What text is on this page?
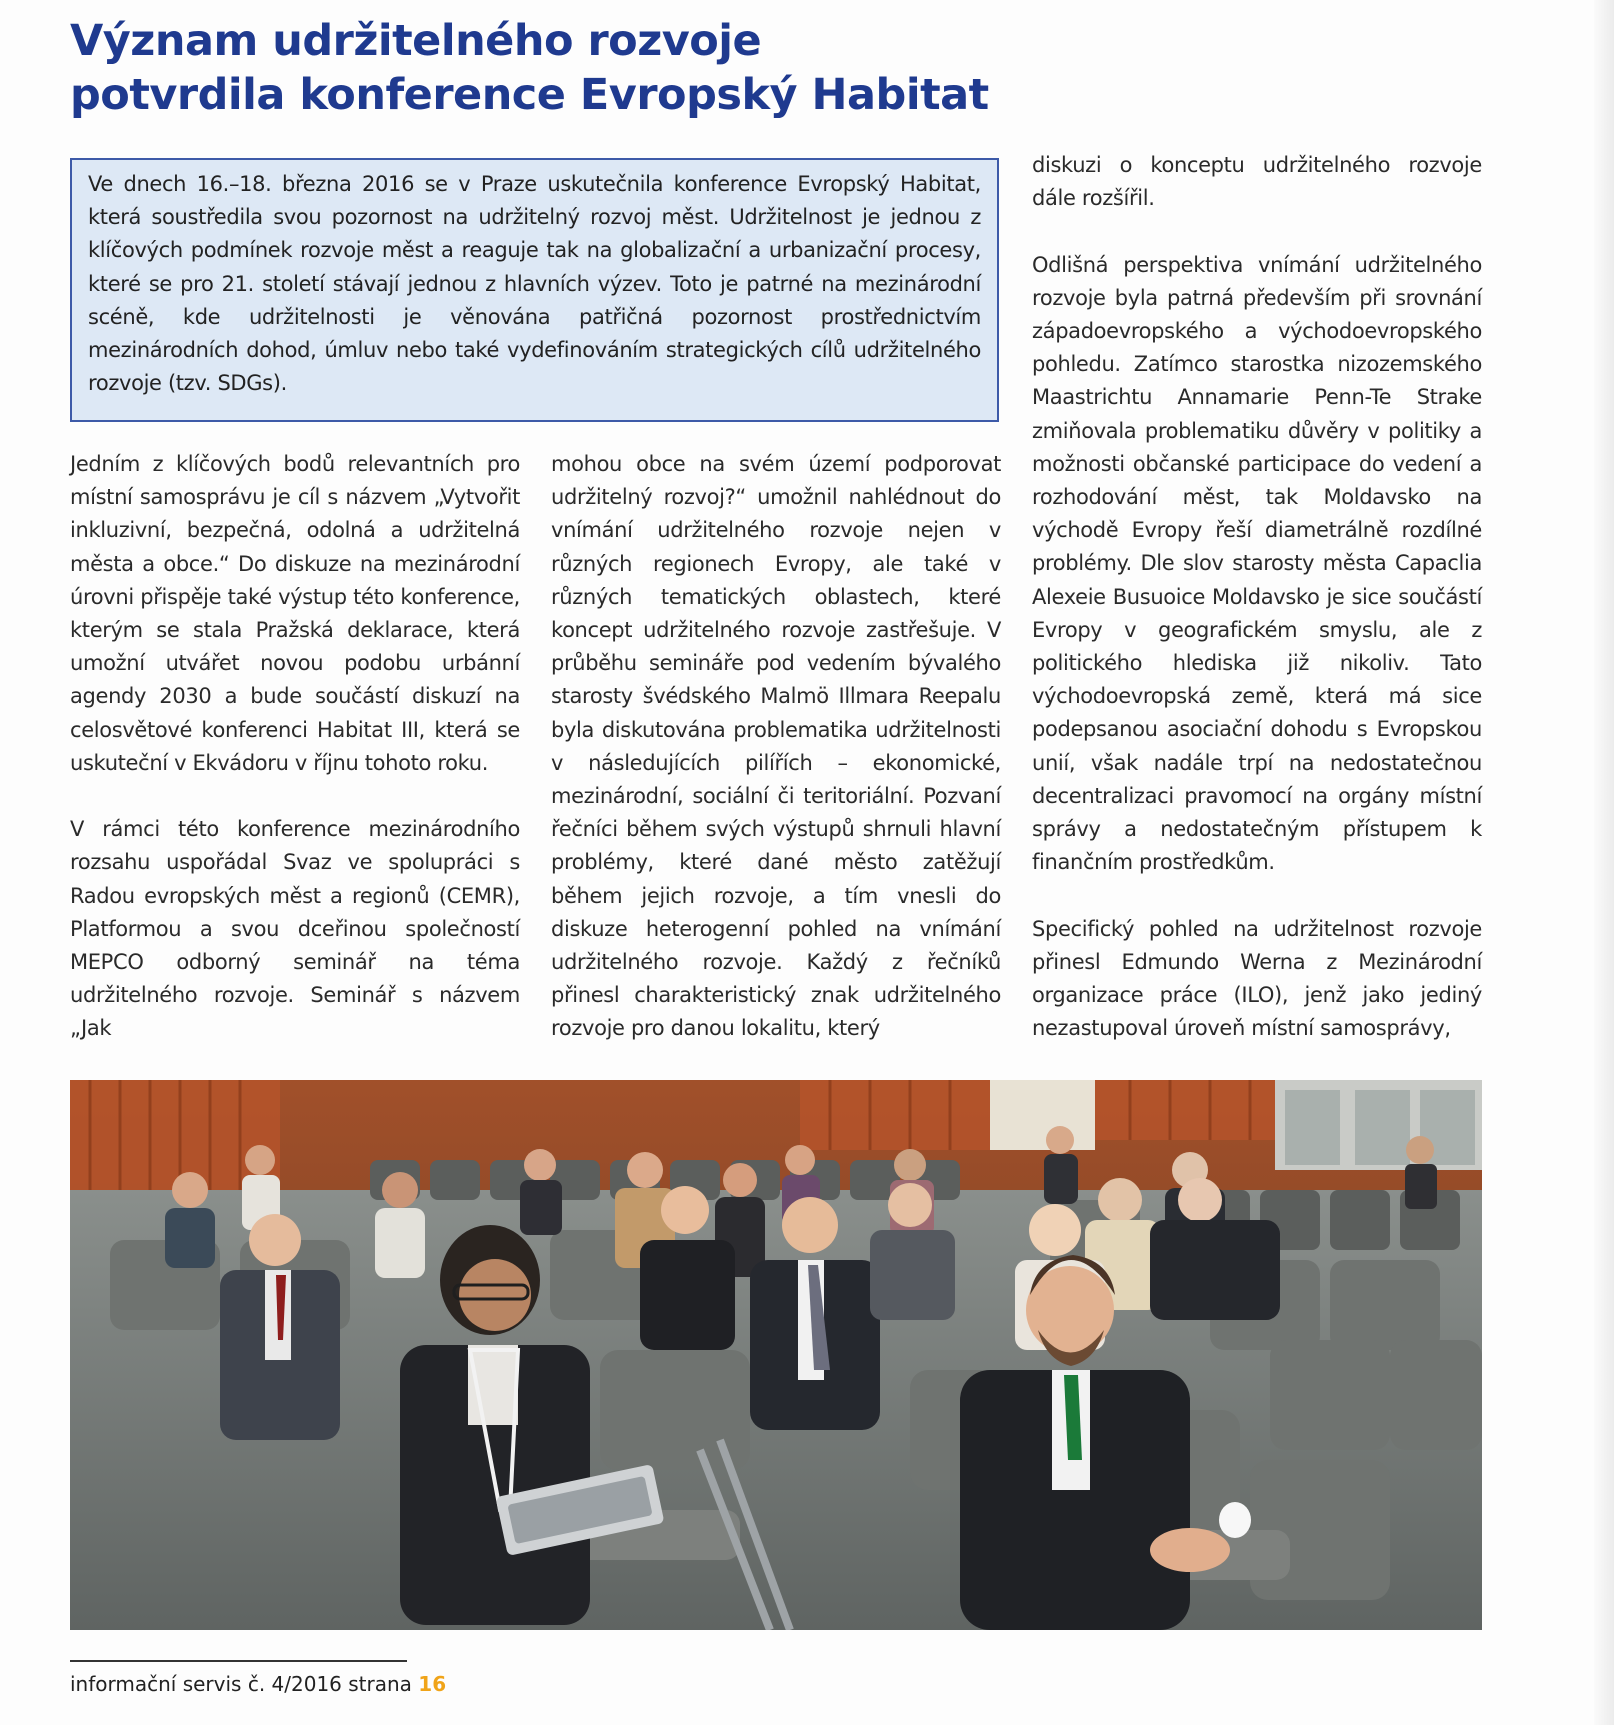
Význam udržitelného rozvoje
potvrdila konference Evropský Habitat

Ve dnech 16.–18. března 2016 se v Praze uskutečnila konference Evropský Habitat, která soustředila svou pozornost na udržitelný rozvoj měst. Udržitelnost je jednou z klíčových podmínek rozvoje měst a reaguje tak na globalizační a urbanizační procesy, které se pro 21. století stávají jednou z hlavních výzev. Toto je patrné na mezinárodní scéně, kde udržitelnosti je věnována patřičná pozornost prostřednictvím mezinárodních dohod, úmluv nebo také vydefinováním strategických cílů udržitelného rozvoje (tzv. SDGs).

Jedním z klíčových bodů relevantních pro místní samosprávu je cíl s názvem „Vytvořit inkluzivní, bezpečná, odolná a udržitelná města a obce.“ Do diskuze na mezinárodní úrovni přispěje také výstup této konference, kterým se stala Pražská deklarace, která umožní utvářet novou podobu urbánní agendy 2030 a bude součástí diskuzí na celosvětové konferenci Habitat III, která se uskuteční v Ekvádoru v říjnu tohoto roku.

V rámci této konference mezinárodního rozsahu uspořádal Svaz ve spolupráci s Radou evropských měst a regionů (CEMR), Platformou a svou dceřinou společností MEPCO odborný seminář na téma udržitelného rozvoje. Seminář s názvem „Jak

mohou obce na svém území podporovat udržitelný rozvoj?“ umožnil nahlédnout do vnímání udržitelného rozvoje nejen v různých regionech Evropy, ale také v různých tematických oblastech, které koncept udržitelného rozvoje zastřešuje. V průběhu semináře pod vedením bývalého starosty švédského Malmö Illmara Reepalu byla diskutována problematika udržitelnosti v následujících pilířích – ekonomické, mezinárodní, sociální či teritoriální. Pozvaní řečníci během svých výstupů shrnuli hlavní problémy, které dané město zatěžují během jejich rozvoje, a tím vnesli do diskuze heterogenní pohled na vnímání udržitelného rozvoje. Každý z řečníků přinesl charakteristický znak udržitelného rozvoje pro danou lokalitu, který

diskuzi o konceptu udržitelného rozvoje dále rozšířil.

Odlišná perspektiva vnímání udržitelného rozvoje byla patrná především při srovnání západoevropského a východoevropského pohledu. Zatímco starostka nizozemského Maastrichtu Annamarie Penn-Te Strake zmiňovala problematiku důvěry v politiky a možnosti občanské participace do vedení a rozhodování měst, tak Moldavsko na východě Evropy řeší diametrálně rozdílné problémy. Dle slov starosty města Capaclia Alexeie Busuoice Moldavsko je sice součástí Evropy v geografickém smyslu, ale z politického hlediska již nikoliv. Tato východoevropská země, která má sice podepsanou asociační dohodu s Evropskou unií, však nadále trpí na nedostatečnou decentralizaci pravomocí na orgány místní správy a nedostatečným přístupem k finančním prostředkům.

Specifický pohled na udržitelnost rozvoje přinesl Edmundo Werna z Mezinárodní organizace práce (ILO), jenž jako jediný nezastupoval úroveň místní samosprávy,

informační servis č. 4/2016 strana 16
